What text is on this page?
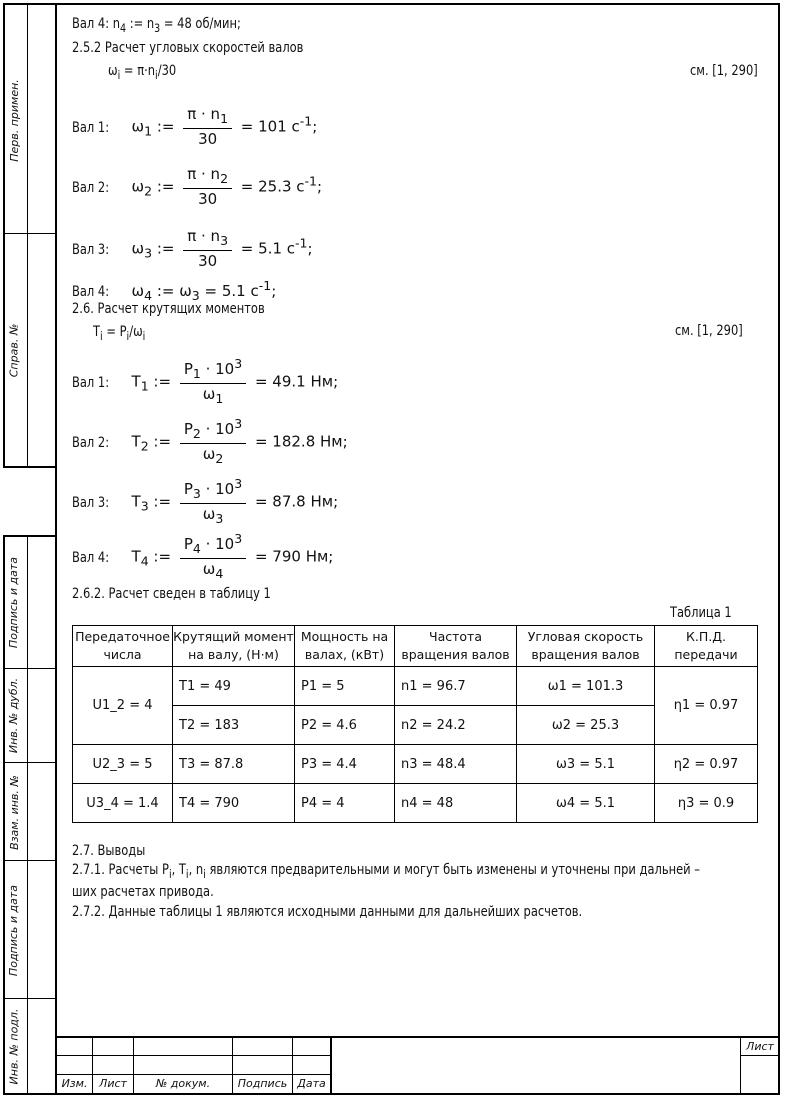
Перв. примен.
Справ. №
Подпись и дата
Инв. № дубл.
Взам. инв. №
Подпись и дата
Инв. № подл.
Вал 4: $n_4$ := $n_3 = 48$ об/мин;
2.5.2 Расчет угловых скоростей валов
$\omega_i = \pi\cdot n_i/30$	см. [1, 290]
Вал 1: $\omega_1$ := $\frac{\pi \cdot n_1}{30} = 101$ $с^{-1}$;
Вал 2: $\omega_2$ := $\frac{\pi \cdot n_2}{30} = 25.3$ $с^{-1}$;
Вал 3: $\omega_3$ := $\frac{\pi \cdot n_3}{30} = 5.1$ $с^{-1}$;
Вал 4: $\omega_4$ := $\omega_3 = 5.1$ $с^{-1}$;
2.6. Расчет крутящих моментов
$T_i = P_i/\omega_i$	см. [1, 290]
Вал 1: $T_1$ := $\frac{P_1 \cdot 10^3}{\omega_1} = 49.1$ Нм;
Вал 2: $T_2$ := $\frac{P_2 \cdot 10^3}{\omega_2} = 182.8$ Нм;
Вал 3: $T_3$ := $\frac{P_3 \cdot 10^3}{\omega_3} = 87.8$ Нм;
Вал 4: $T_4$ := $\frac{P_4 \cdot 10^3}{\omega_4} = 790$ Нм;
2.6.2. Расчет сведен в таблицу 1
Таблица 1
Передаточное числа	Крутящий момент на валу, (Н·м)	Мощность на валах, (кВт)	Частота вращения валов	Угловая скорость вращения валов	К.П.Д. передачи
U1_2 = 4	T1 = 49	P1 = 5	n1 = 96.7	ω1 = 101.3	η1 = 0.97
	T2 = 183	P2 = 4.6	n2 = 24.2	ω2 = 25.3	
U2_3 = 5	T3 = 87.8	P3 = 4.4	n3 = 48.4	ω3 = 5.1	η2 = 0.97
U3_4 = 1.4	T4 = 790	P4 = 4	n4 = 48	ω4 = 5.1	η3 = 0.9
2.7. Выводы
2.7.1. Расчеты $P_i$, $T_i$, $n_i$ являются предварительными и могут быть изменены и уточнены при дальней –
ших расчетах привода.
2.7.2. Данные таблицы 1 являются исходными данными для дальнейших расчетов.
Изм.	Лист	№ докум.	Подпись Дата
Лист
